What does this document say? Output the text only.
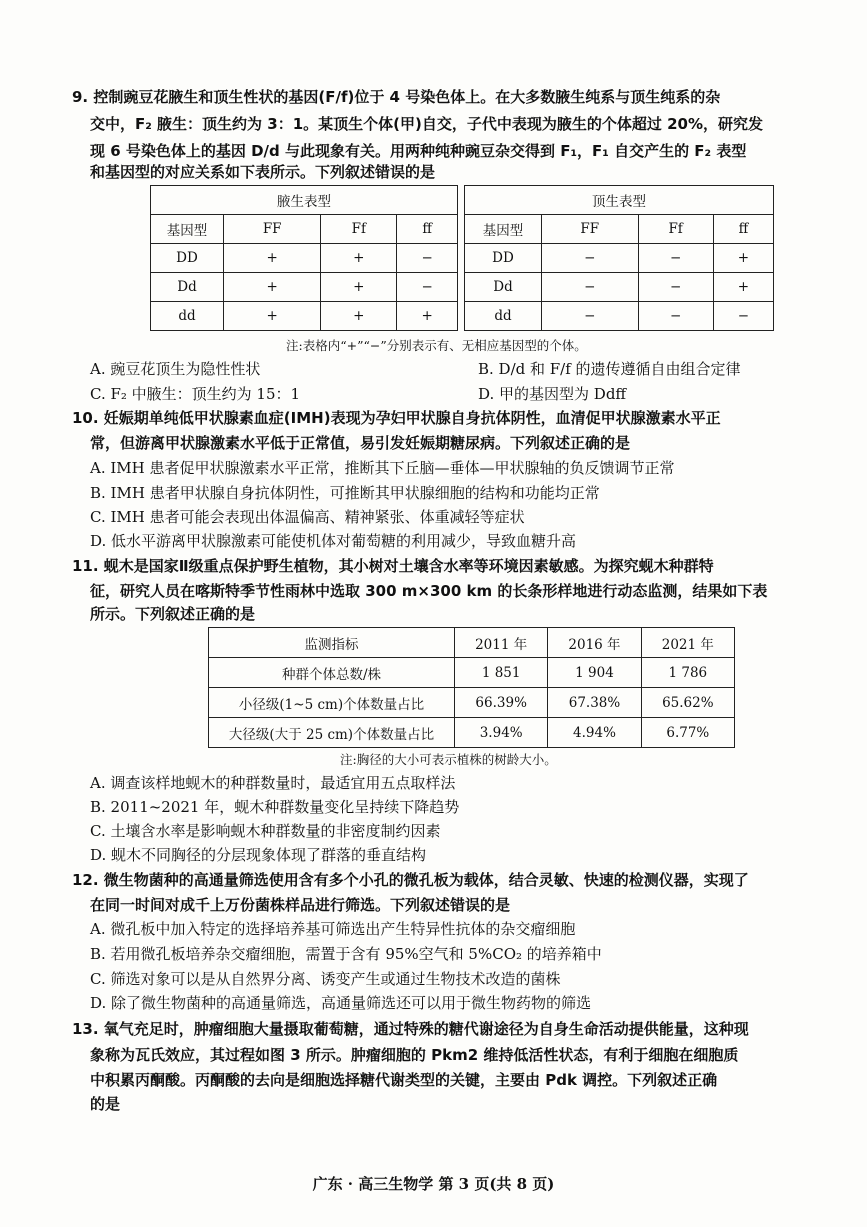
9. 控制豌豆花腋生和顶生性状的基因(F/f)位于 4 号染色体上。在大多数腋生纯系与顶生纯系的杂
交中，F₂ 腋生：顶生约为 3：1。某顶生个体(甲)自交，子代中表现为腋生的个体超过 20%，研究发
现 6 号染色体上的基因 D/d 与此现象有关。用两种纯种豌豆杂交得到 F₁，F₁ 自交产生的 F₂ 表型
和基因型的对应关系如下表所示。下列叙述错误的是
腋生表型			
基因型	FF	Ff	ff
DD	+	+	−
Dd	+	+	−
dd	+	+	+
顶生表型			
基因型	FF	Ff	ff
DD	−	−	+
Dd	−	−	+
dd	−	−	−
注:表格内“+”“−”分别表示有、无相应基因型的个体。
A. 豌豆花顶生为隐性性状	B. D/d 和 F/f 的遗传遵循自由组合定律
C. F₂ 中腋生：顶生约为 15：1	D. 甲的基因型为 Ddff
10. 妊娠期单纯低甲状腺素血症(IMH)表现为孕妇甲状腺自身抗体阴性，血清促甲状腺激素水平正
常，但游离甲状腺激素水平低于正常值，易引发妊娠期糖尿病。下列叙述正确的是
A. IMH 患者促甲状腺激素水平正常，推断其下丘脑—垂体—甲状腺轴的负反馈调节正常
B. IMH 患者甲状腺自身抗体阴性，可推断其甲状腺细胞的结构和功能均正常
C. IMH 患者可能会表现出体温偏高、精神紧张、体重减轻等症状
D. 低水平游离甲状腺激素可能使机体对葡萄糖的利用减少，导致血糖升高
11. 蚬木是国家Ⅱ级重点保护野生植物，其小树对土壤含水率等环境因素敏感。为探究蚬木种群特
征，研究人员在喀斯特季节性雨林中选取 300 m×300 km 的长条形样地进行动态监测，结果如下表
所示。下列叙述正确的是
监测指标	2011 年	2016 年	2021 年
种群个体总数/株	1 851	1 904	1 786
小径级(1~5 cm)个体数量占比	66.39%	67.38%	65.62%
大径级(大于 25 cm)个体数量占比	3.94%	4.94%	6.77%
注:胸径的大小可表示植株的树龄大小。
A. 调查该样地蚬木的种群数量时，最适宜用五点取样法
B. 2011~2021 年，蚬木种群数量变化呈持续下降趋势
C. 土壤含水率是影响蚬木种群数量的非密度制约因素
D. 蚬木不同胸径的分层现象体现了群落的垂直结构
12. 微生物菌种的高通量筛选使用含有多个小孔的微孔板为载体，结合灵敏、快速的检测仪器，实现了
在同一时间对成千上万份菌株样品进行筛选。下列叙述错误的是
A. 微孔板中加入特定的选择培养基可筛选出产生特异性抗体的杂交瘤细胞
B. 若用微孔板培养杂交瘤细胞，需置于含有 95%空气和 5%CO₂ 的培养箱中
C. 筛选对象可以是从自然界分离、诱变产生或通过生物技术改造的菌株
D. 除了微生物菌种的高通量筛选，高通量筛选还可以用于微生物药物的筛选
13. 氧气充足时，肿瘤细胞大量摄取葡萄糖，通过特殊的糖代谢途径为自身生命活动提供能量，这种现
象称为瓦氏效应，其过程如图 3 所示。肿瘤细胞的 Pkm2 维持低活性状态，有利于细胞在细胞质
中积累丙酮酸。丙酮酸的去向是细胞选择糖代谢类型的关键，主要由 Pdk 调控。下列叙述正确
的是
广东 · 高三生物学 第 3 页(共 8 页)
